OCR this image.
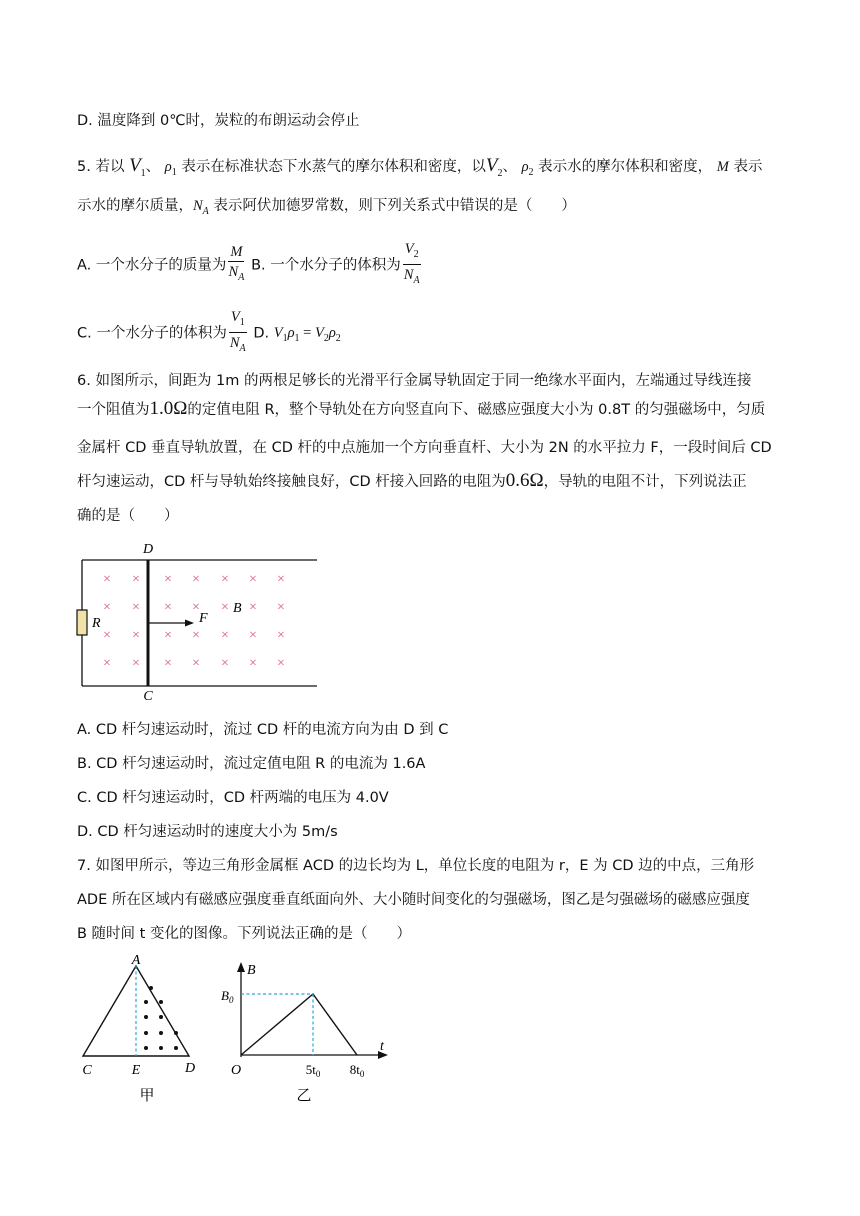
D. 温度降到 0℃时，炭粒的布朗运动会停止
5. 若以 $V_1$、 $\rho_1$ 表示在标准状态下水蒸气的摩尔体积和密度，以$V_2$、 $\rho_2$ 表示水的摩尔体积和密度， M 表示
示水的摩尔质量，$N_A$ 表示阿伏加德罗常数，则下列关系式中错误的是（　　）
A. 一个水分子的质量为 $\frac{M}{N_A} B$. 一个水分子的体积为 $\frac{V_2}{N_A}$
C. 一个水分子的体积为 $\frac{V_1}{N_A} D$. $V_1\rho_1 = V_2\rho_2$
6. 如图所示，间距为 1m 的两根足够长的光滑平行金属导轨固定于同一绝缘水平面内，左端通过导线连接
一个阻值为1.0Ω的定值电阻 R，整个导轨处在方向竖直向下、磁感应强度大小为 0.8T 的匀强磁场中，匀质
金属杆 CD 垂直导轨放置，在 CD 杆的中点施加一个方向垂直杆、大小为 2N 的水平拉力 F，一段时间后 CD
杆匀速运动，CD 杆与导轨始终接触良好，CD 杆接入回路的电阻为0.6Ω，导轨的电阻不计，下列说法正
确的是（　　）
× × × × × × ×
× × × × × × ×
× × × × × × ×
× × × × × × ×
D
C
R	F
B
A. CD 杆匀速运动时，流过 CD 杆的电流方向为由 D 到 C
B. CD 杆匀速运动时，流过定值电阻 R 的电流为 1.6A
C. CD 杆匀速运动时，CD 杆两端的电压为 4.0V
D. CD 杆匀速运动时的速度大小为 5m/s
7. 如图甲所示，等边三角形金属框 ACD 的边长均为 L，单位长度的电阻为 r，E 为 CD 边的中点，三角形
ADE 所在区域内有磁感应强度垂直纸面向外、大小随时间变化的匀强磁场，图乙是匀强磁场的磁感应强度
B 随时间 t 变化的图像。下列说法正确的是（　　）
A
C	E	D
甲
B
$B_0$
t
O	$5t_0$ $8t_0$
乙
